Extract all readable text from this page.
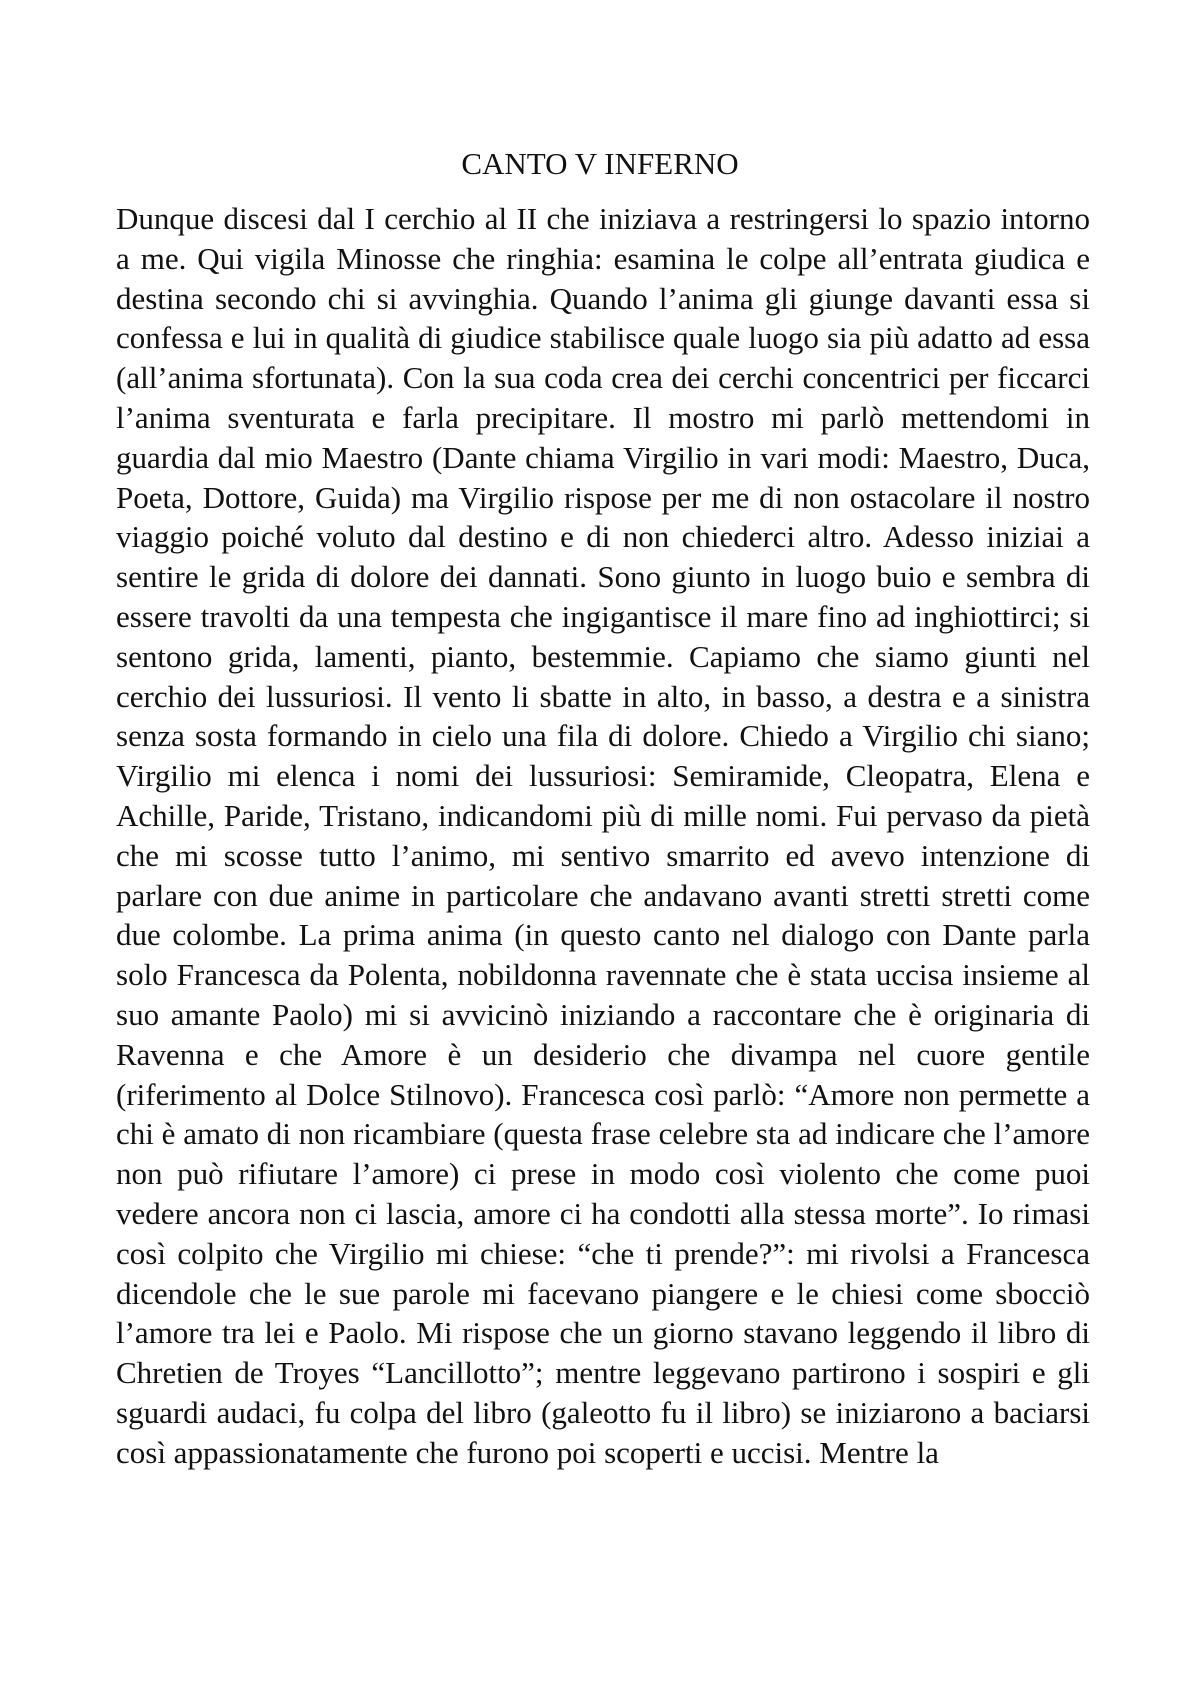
CANTO V INFERNO

Dunque discesi dal I cerchio al II che iniziava a restringersi lo spazio intorno a me. Qui vigila Minosse che ringhia: esamina le colpe all’entrata giudica e destina secondo chi si avvinghia. Quando l’anima gli giunge davanti essa si confessa e lui in qualità di giudice stabilisce quale luogo sia più adatto ad essa (all’anima sfortunata). Con la sua coda crea dei cerchi concentrici per ficcarci l’anima sventurata e farla precipitare. Il mostro mi parlò mettendomi in guardia dal mio Maestro (Dante chiama Virgilio in vari modi: Maestro, Duca, Poeta, Dottore, Guida) ma Virgilio rispose per me di non ostacolare il nostro viaggio poiché voluto dal destino e di non chiederci altro. Adesso iniziai a sentire le grida di dolore dei dannati. Sono giunto in luogo buio e sembra di essere travolti da una tempesta che ingigantisce il mare fino ad inghiottirci; si sentono grida, lamenti, pianto, bestemmie. Capiamo che siamo giunti nel cerchio dei lussuriosi. Il vento li sbatte in alto, in basso, a destra e a sinistra senza sosta formando in cielo una fila di dolore. Chiedo a Virgilio chi siano; Virgilio mi elenca i nomi dei lussuriosi: Semiramide, Cleopatra, Elena e Achille, Paride, Tristano, indicandomi più di mille nomi. Fui pervaso da pietà che mi scosse tutto l’animo, mi sentivo smarrito ed avevo intenzione di parlare con due anime in particolare che andavano avanti stretti stretti come due colombe. La prima anima (in questo canto nel dialogo con Dante parla solo Francesca da Polenta, nobildonna ravennate che è stata uccisa insieme al suo amante Paolo) mi si avvicinò iniziando a raccontare che è originaria di Ravenna e che Amore è un desiderio che divampa nel cuore gentile (riferimento al Dolce Stilnovo). Francesca così parlò: “Amore non permette a chi è amato di non ricambiare (questa frase celebre sta ad indicare che l’amore non può rifiutare l’amore) ci prese in modo così violento che come puoi vedere ancora non ci lascia, amore ci ha condotti alla stessa morte”. Io rimasi così colpito che Virgilio mi chiese: “che ti prende?”: mi rivolsi a Francesca dicendole che le sue parole mi facevano piangere e le chiesi come sbocciò l’amore tra lei e Paolo. Mi rispose che un giorno stavano leggendo il libro di Chretien de Troyes “Lancillotto”; mentre leggevano partirono i sospiri e gli sguardi audaci, fu colpa del libro (galeotto fu il libro) se iniziarono a baciarsi così appassionatamente che furono poi scoperti e uccisi. Mentre la
